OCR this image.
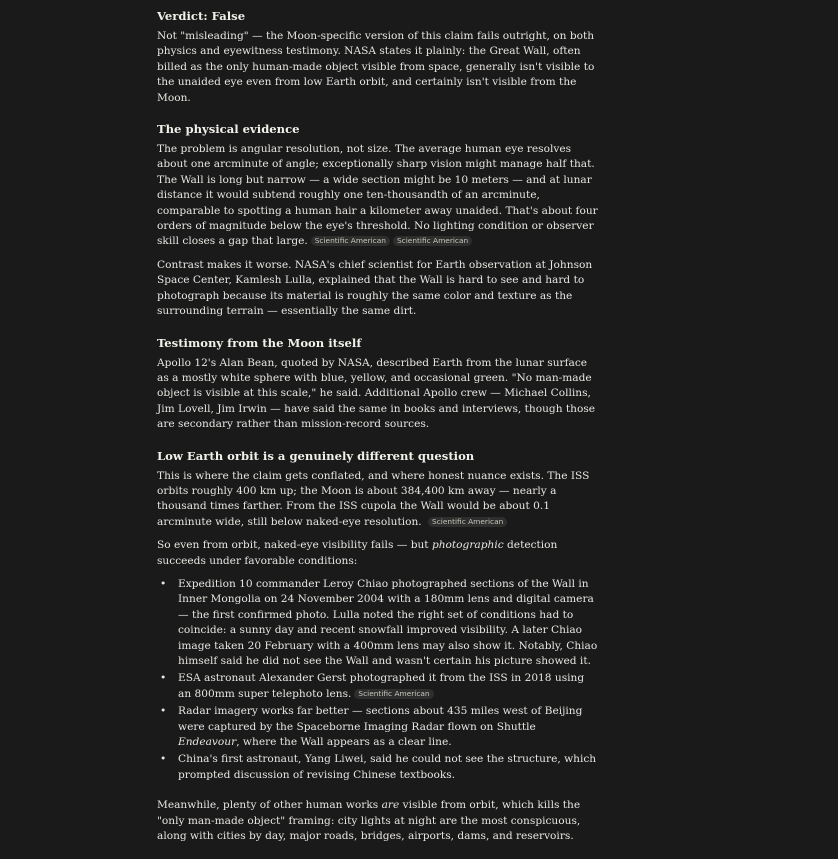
Verdict: False

Not "misleading" — the Moon-specific version of this claim fails outright, on both physics and eyewitness testimony. NASA states it plainly: the Great Wall, often billed as the only human-made object visible from space, generally isn't visible to the unaided eye even from low Earth orbit, and certainly isn't visible from the Moon.

The physical evidence

The problem is angular resolution, not size. The average human eye resolves about one arcminute of angle; exceptionally sharp vision might manage half that. The Wall is long but narrow — a wide section might be 10 meters — and at lunar distance it would subtend roughly one ten-thousandth of an arcminute, comparable to spotting a human hair a kilometer away unaided. That's about four orders of magnitude below the eye's threshold. No lighting condition or observer skill closes a gap that large. Scientific American Scientific American

Contrast makes it worse. NASA's chief scientist for Earth observation at Johnson Space Center, Kamlesh Lulla, explained that the Wall is hard to see and hard to photograph because its material is roughly the same color and texture as the surrounding terrain — essentially the same dirt.

Testimony from the Moon itself

Apollo 12's Alan Bean, quoted by NASA, described Earth from the lunar surface as a mostly white sphere with blue, yellow, and occasional green. "No man-made object is visible at this scale," he said. Additional Apollo crew — Michael Collins, Jim Lovell, Jim Irwin — have said the same in books and interviews, though those are secondary rather than mission-record sources.

Low Earth orbit is a genuinely different question

This is where the claim gets conflated, and where honest nuance exists. The ISS orbits roughly 400 km up; the Moon is about 384,400 km away — nearly a thousand times farther. From the ISS cupola the Wall would be about 0.1 arcminute wide, still below naked-eye resolution. Scientific American

So even from orbit, naked-eye visibility fails — but photographic detection succeeds under favorable conditions:

• Expedition 10 commander Leroy Chiao photographed sections of the Wall in Inner Mongolia on 24 November 2004 with a 180mm lens and digital camera — the first confirmed photo. Lulla noted the right set of conditions had to coincide: a sunny day and recent snowfall improved visibility. A later Chiao image taken 20 February with a 400mm lens may also show it. Notably, Chiao himself said he did not see the Wall and wasn't certain his picture showed it.
• ESA astronaut Alexander Gerst photographed it from the ISS in 2018 using an 800mm super telephoto lens. Scientific American
• Radar imagery works far better — sections about 435 miles west of Beijing were captured by the Spaceborne Imaging Radar flown on Shuttle Endeavour, where the Wall appears as a clear line.
• China's first astronaut, Yang Liwei, said he could not see the structure, which prompted discussion of revising Chinese textbooks.

Meanwhile, plenty of other human works are visible from orbit, which kills the "only man-made object" framing: city lights at night are the most conspicuous, along with cities by day, major roads, bridges, airports, dams, and reservoirs.
